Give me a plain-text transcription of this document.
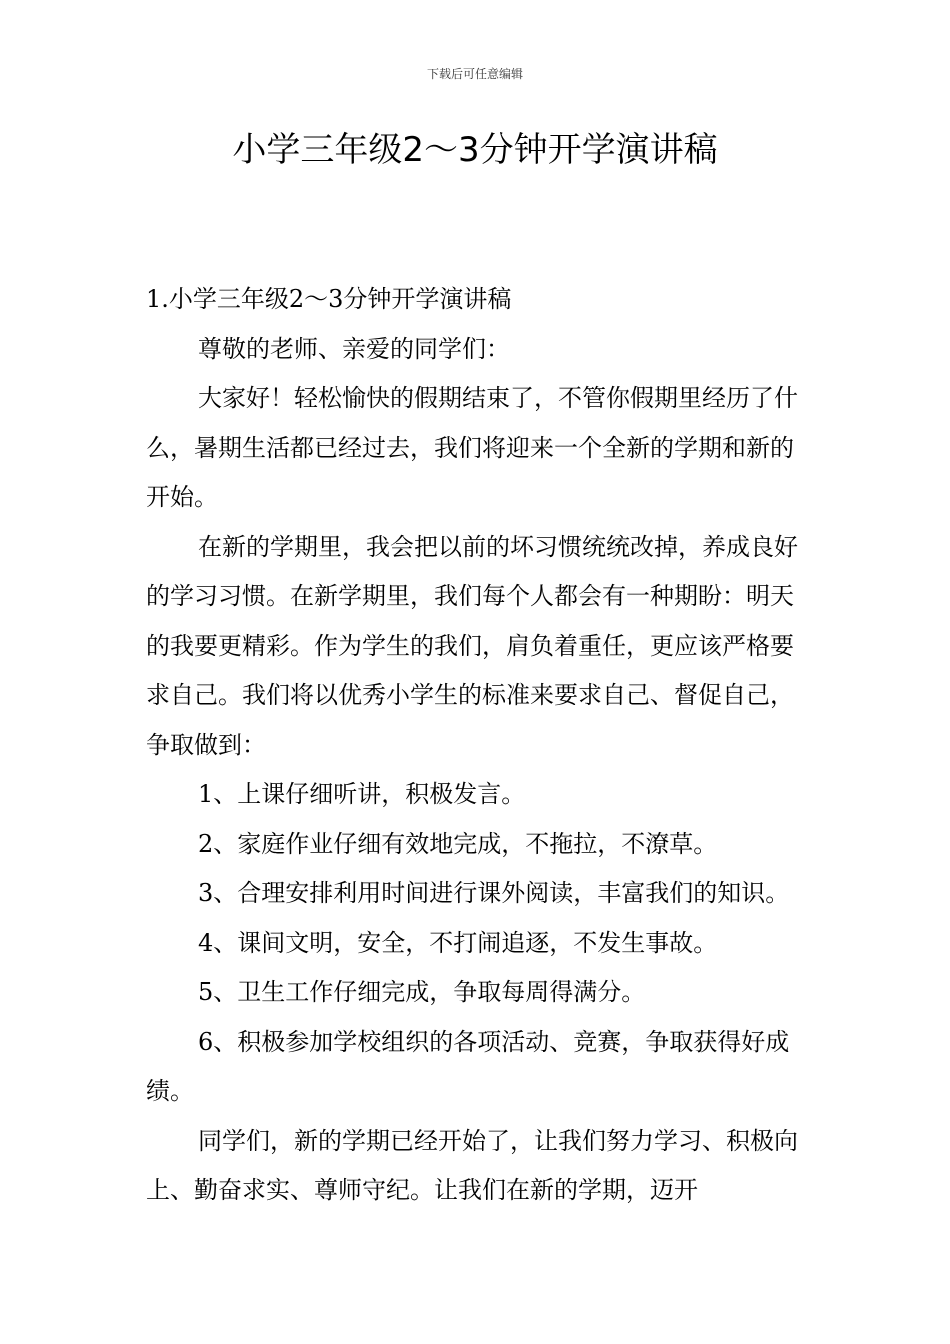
下载后可任意编辑
小学三年级2～3分钟开学演讲稿

1.小学三年级2～3分钟开学演讲稿

尊敬的老师、亲爱的同学们：

大家好！轻松愉快的假期结束了，不管你假期里经历了什么，暑期生活都已经过去，我们将迎来一个全新的学期和新的开始。

在新的学期里，我会把以前的坏习惯统统改掉，养成良好的学习习惯。在新学期里，我们每个人都会有一种期盼：明天的我要更精彩。作为学生的我们，肩负着重任，更应该严格要求自己。我们将以优秀小学生的标准来要求自己、督促自己，争取做到：

1、上课仔细听讲，积极发言。

2、家庭作业仔细有效地完成，不拖拉，不潦草。

3、合理安排利用时间进行课外阅读，丰富我们的知识。

4、课间文明，安全，不打闹追逐，不发生事故。

5、卫生工作仔细完成，争取每周得满分。

6、积极参加学校组织的各项活动、竞赛，争取获得好成绩。

同学们，新的学期已经开始了，让我们努力学习、积极向上、勤奋求实、尊师守纪。让我们在新的学期，迈开
